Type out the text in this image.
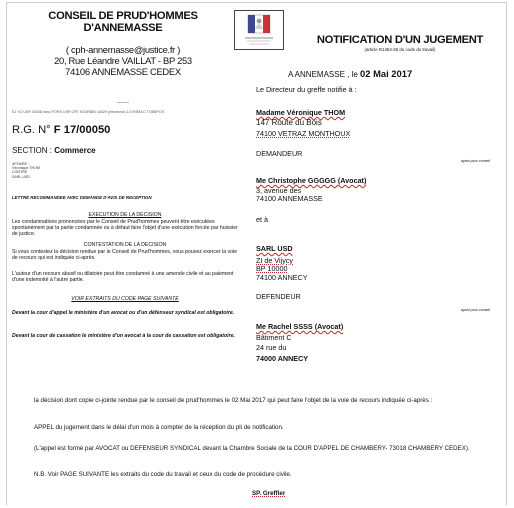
CONSEIL DE PRUD'HOMMES
D'ANNEMASSE
( cph-annemasse@justice.fr )
20, Rue Léandre VAILLAT - BP 253
74106 ANNEMASSE CEDEX
___
EJ YO USR 30038 nano FORS USR CFE SOURBIB 16029 (electronic) 13 ENEM-C TOBEPOS
NOTIFICATION D'UN JUGEMENT
(article R1454-26 du code du travail)
A ANNEMASSE , le 02 Mai 2017
R.G. N° F 17/00050
SECTION : Commerce
AFFAIRE :
Véronique THOM
CONTRE
SARL USD
LETTRE RECOMMANDEE AVEC DEMANDE D'AVIS DE RECEPTION
EXECUTION DE LA DECISION
Les condamnations prononcées par le Conseil de Prud'hommes peuvent être exécutées spontanément par la partie condamnée ou à défaut faire l'objet d'une exécution forcée par huissier de justice.
CONTESTATION DE LA DECISION
Si vous contestez la décision rendue par le Conseil de Prud'hommes, vous pouvez exercer la voie de recours qui est indiquée ci-après.
L'auteur d'un recours abusif ou dilatoire peut être condamné à une amende civile et au paiement d'une indemnité à l'autre partie.
VOIR EXTRAITS DU CODE PAGE SUIVANTE
Devant la cour d'appel le ministère d'un avocat ou d'un défenseur syndical est obligatoire.
Devant la cour de cassation le ministère d'un avocat à la cour de cassation est obligatoire.
Le Directeur du greffe notifie à :
Madame Véronique THOM
147 Route du Bois
74100 VETRAZ MONTHOUX
DEMANDEUR
ayant pour conseil
Me Christophe GGGGG (Avocat)
3, avenue des
74100 ANNEMASSE
et à
SARL USD
ZI de Vijycy
BP 10000
74100 ANNECY
DEFENDEUR
ayant pour conseil
Me Rachel SSSS (Avocat)
Bâtiment C
24 rue du
74000 ANNECY
la décision dont copie ci-jointe rendue par le conseil de prud'hommes le 02 Mai 2017 qui peut faire l'objet de la voie de recours indiquée ci-après :
APPEL du jugement dans le délai d'un mois à compter de la réception du pli de notification.
(L'appel est formé par AVOCAT ou DEFENSEUR SYNDICAL devant la Chambre Sociale de la COUR D'APPEL DE CHAMBERY- 73018 CHAMBERY CEDEX).
N.B. Voir PAGE SUIVANTE les extraits du code du travail et ceux du code de procédure civile.
SP. Greffier
